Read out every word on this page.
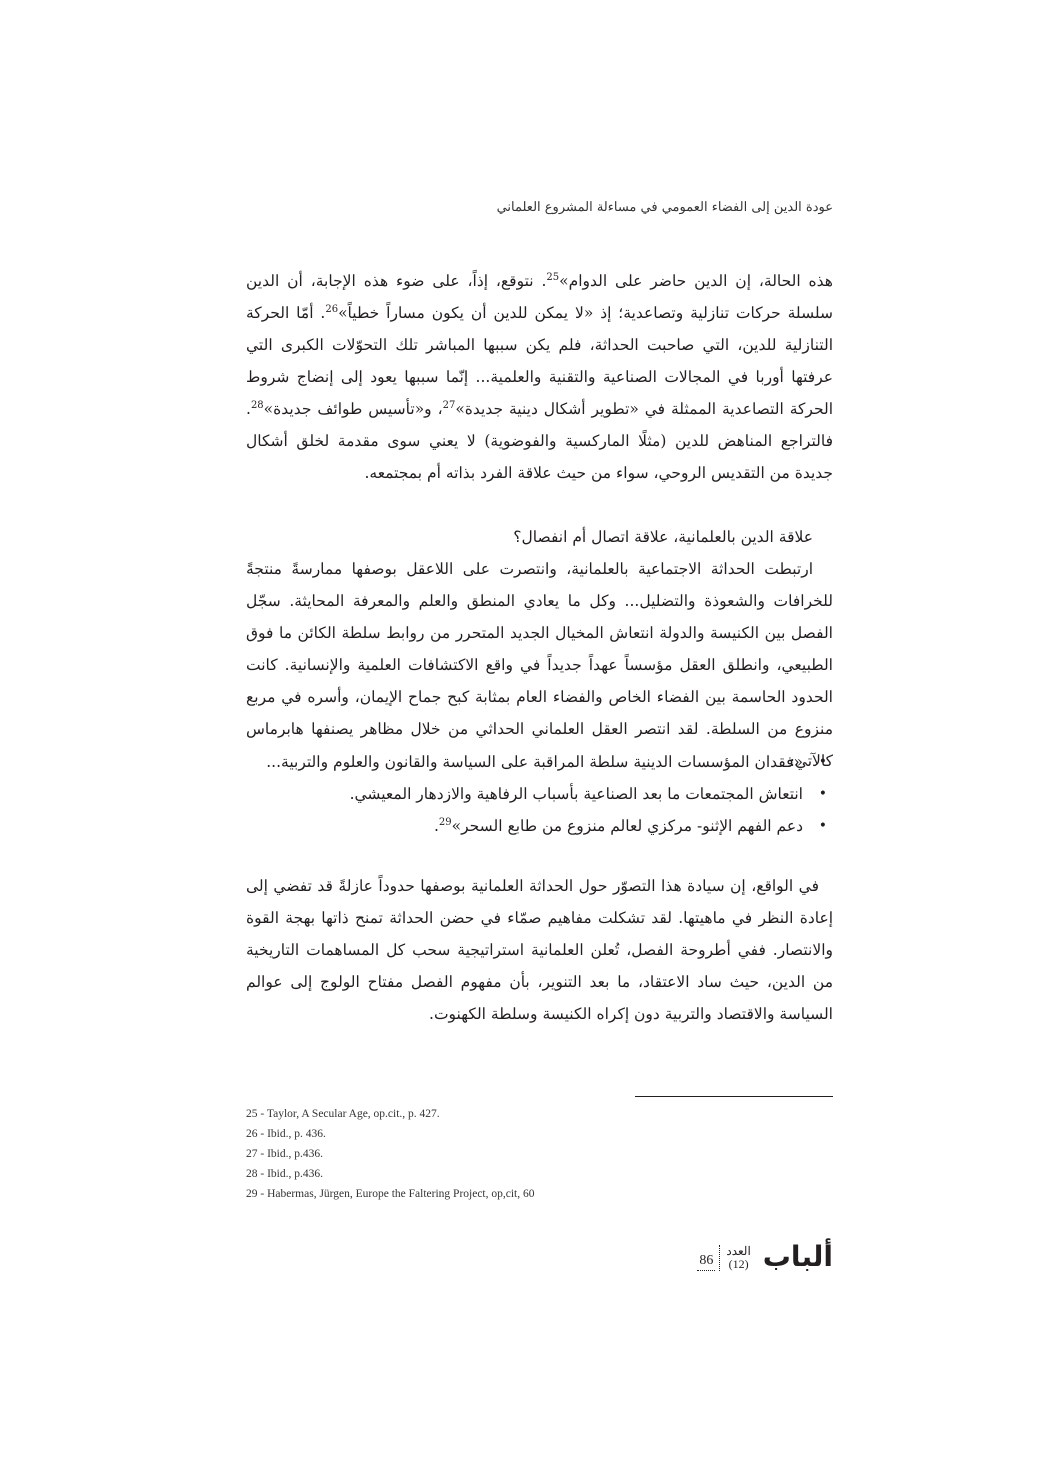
عودة الدين إلى الفضاء العمومي في مساءلة المشروع العلماني

هذه الحالة، إن الدين حاضر على الدوام»$^{25}$. نتوقع، إذاً، على ضوء هذه الإجابة، أن الدين سلسلة حركات تنازلية وتصاعدية؛ إذ «لا يمكن للدين أن يكون مساراً خطياً»$^{26}$. أمّا الحركة التنازلية للدين، التي صاحبت الحداثة، فلم يكن سببها المباشر تلك التحوّلات الكبرى التي عرفتها أوربا في المجالات الصناعية والتقنية والعلمية... إنّما سببها يعود إلى إنضاج شروط الحركة التصاعدية الممثلة في «تطوير أشكال دينية جديدة»$^{27}$، و«تأسيس طوائف جديدة»$^{28}$. فالتراجع المناهض للدين (مثلًا الماركسية والفوضوية) لا يعني سوى مقدمة لخلق أشكال جديدة من التقديس الروحي، سواء من حيث علاقة الفرد بذاته أم بمجتمعه.

علاقة الدين بالعلمانية، علاقة اتصال أم انفصال؟

ارتبطت الحداثة الاجتماعية بالعلمانية، وانتصرت على اللاعقل بوصفها ممارسةً منتجةً للخرافات والشعوذة والتضليل... وكل ما يعادي المنطق والعلم والمعرفة المحايثة. سجّل الفصل بين الكنيسة والدولة انتعاش المخيال الجديد المتحرر من روابط سلطة الكائن ما فوق الطبيعي، وانطلق العقل مؤسساً عهداً جديداً في واقع الاكتشافات العلمية والإنسانية. كانت الحدود الحاسمة بين الفضاء الخاص والفضاء العام بمثابة كبح جماح الإيمان، وأسره في مربع منزوع من السلطة. لقد انتصر العقل العلماني الحداثي من خلال مظاهر يصنفها هابرماس كالآتي:

• «فقدان المؤسسات الدينية سلطة المراقبة على السياسة والقانون والعلوم والتربية...
• انتعاش المجتمعات ما بعد الصناعية بأسباب الرفاهية والازدهار المعيشي.
• دعم الفهم الإثنو- مركزي لعالم منزوع من طابع السحر»$^{29}$.

في الواقع، إن سيادة هذا التصوّر حول الحداثة العلمانية بوصفها حدوداً عازلةً قد تفضي إلى إعادة النظر في ماهيتها. لقد تشكلت مفاهيم صمّاء في حضن الحداثة تمنح ذاتها بهجة القوة والانتصار. ففي أطروحة الفصل، تُعلن العلمانية استراتيجية سحب كل المساهمات التاريخية من الدين، حيث ساد الاعتقاد، ما بعد التنوير، بأن مفهوم الفصل مفتاح الولوج إلى عوالم السياسة والاقتصاد والتربية دون إكراه الكنيسة وسلطة الكهنوت.

25 - Taylor, A Secular Age, op.cit., p. 427.
26 - Ibid., p. 436.
27 - Ibid., p.436.
28 - Ibid., p.436.
29 - Habermas, Jürgen, Europe the Faltering Project, op,cit, 60
86
العدد
(12) ألباب
